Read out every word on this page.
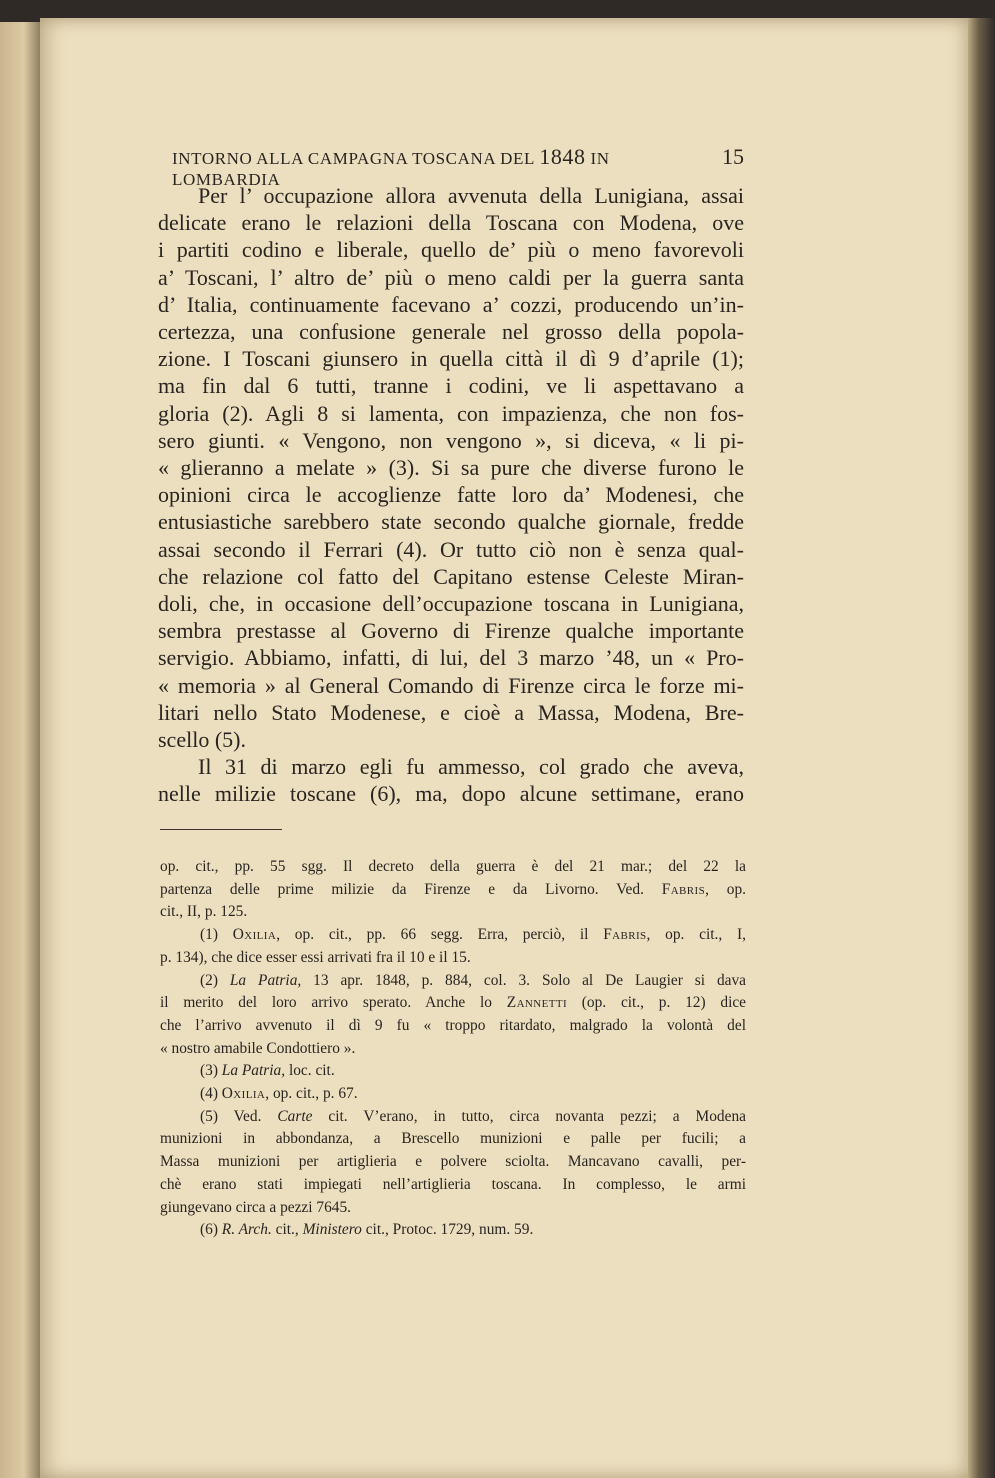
INTORNO ALLA CAMPAGNA TOSCANA DEL 1848 IN LOMBARDIA
15

Per l’ occupazione allora avvenuta della Lunigiana, assai
delicate erano le relazioni della Toscana con Modena, ove
i partiti codino e liberale, quello de’ più o meno favorevoli
a’ Toscani, l’ altro de’ più o meno caldi per la guerra santa
d’ Italia, continuamente facevano a’ cozzi, producendo un’in-
certezza, una confusione generale nel grosso della popola-
zione. I Toscani giunsero in quella città il dì 9 d’aprile (1);
ma fin dal 6 tutti, tranne i codini, ve li aspettavano a
gloria (2). Agli 8 si lamenta, con impazienza, che non fos-
sero giunti. « Vengono, non vengono », si diceva, « li pi-
« glieranno a melate » (3). Si sa pure che diverse furono le
opinioni circa le accoglienze fatte loro da’ Modenesi, che
entusiastiche sarebbero state secondo qualche giornale, fredde
assai secondo il Ferrari (4). Or tutto ciò non è senza qual-
che relazione col fatto del Capitano estense Celeste Miran-
doli, che, in occasione dell’occupazione toscana in Lunigiana,
sembra prestasse al Governo di Firenze qualche importante
servigio. Abbiamo, infatti, di lui, del 3 marzo ’48, un « Pro-
« memoria » al General Comando di Firenze circa le forze mi-
litari nello Stato Modenese, e cioè a Massa, Modena, Bre-
scello (5).

Il 31 di marzo egli fu ammesso, col grado che aveva,
nelle milizie toscane (6), ma, dopo alcune settimane, erano

op. cit., pp. 55 sgg. Il decreto della guerra è del 21 mar.; del 22 la
partenza delle prime milizie da Firenze e da Livorno. Ved. Fabris, op.
cit., II, p. 125.
(1) Oxilia, op. cit., pp. 66 segg. Erra, perciò, il Fabris, op. cit., I,
p. 134), che dice esser essi arrivati fra il 10 e il 15.
(2) La Patria, 13 apr. 1848, p. 884, col. 3. Solo al De Laugier si dava
il merito del loro arrivo sperato. Anche lo Zannetti (op. cit., p. 12) dice
che l’arrivo avvenuto il dì 9 fu « troppo ritardato, malgrado la volontà del
« nostro amabile Condottiero ».
(3) La Patria, loc. cit.
(4) Oxilia, op. cit., p. 67.
(5) Ved. Carte cit. V’erano, in tutto, circa novanta pezzi; a Modena
munizioni in abbondanza, a Brescello munizioni e palle per fucili; a
Massa munizioni per artiglieria e polvere sciolta. Mancavano cavalli, per-
chè erano stati impiegati nell’artiglieria toscana. In complesso, le armi
giungevano circa a pezzi 7645.
(6) R. Arch. cit., Ministero cit., Protoc. 1729, num. 59.
